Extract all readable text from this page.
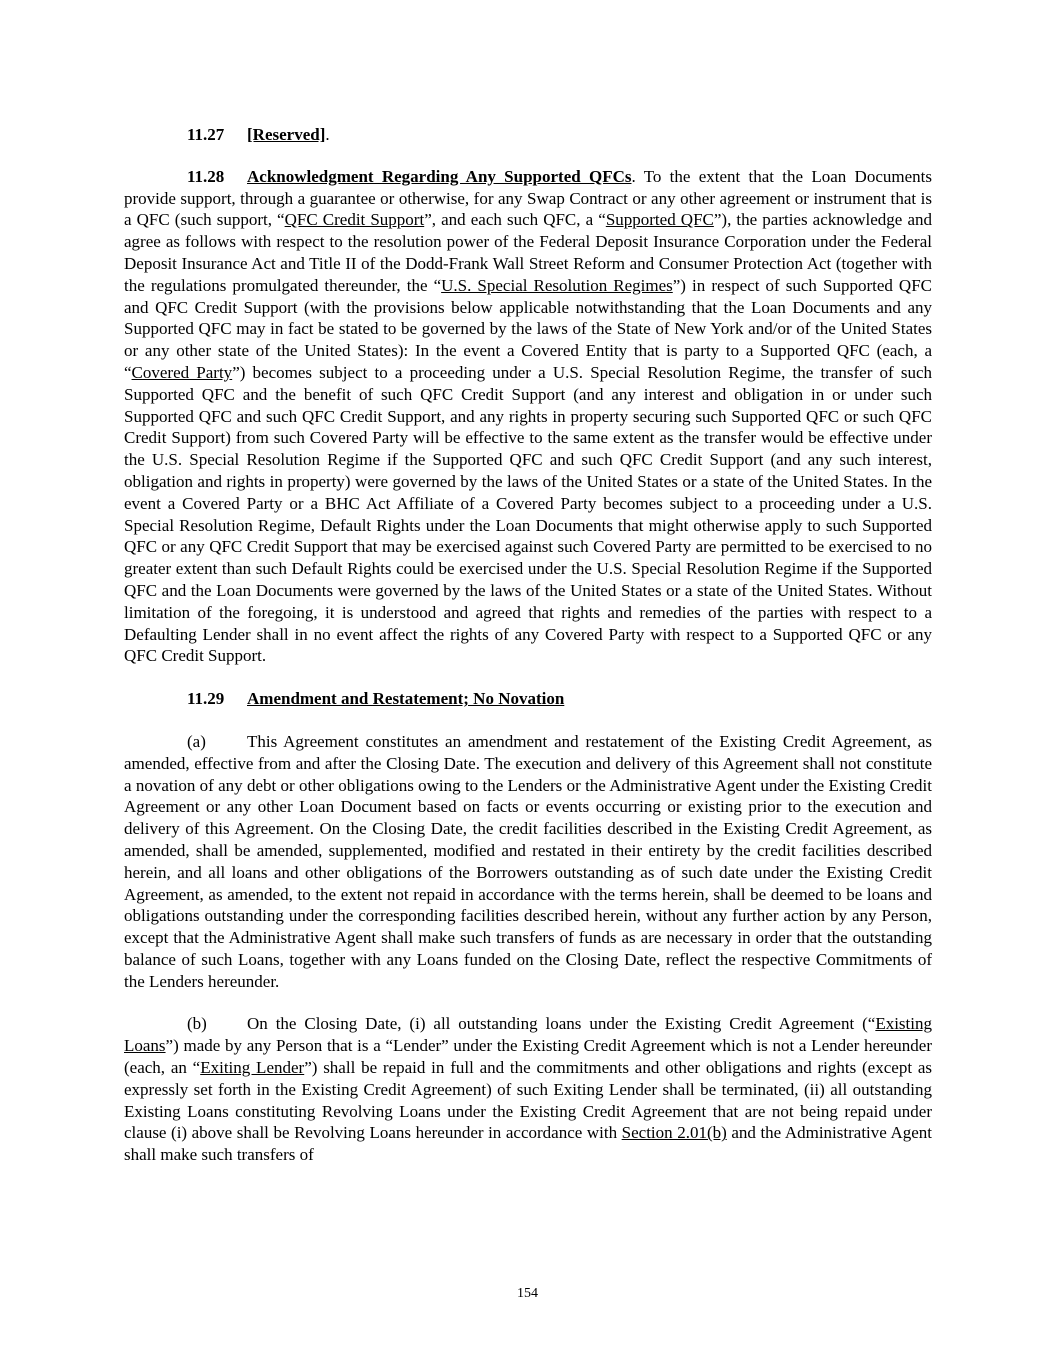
11.27 [Reserved].

11.28 Acknowledgment Regarding Any Supported QFCs. To the extent that the Loan Documents provide support, through a guarantee or otherwise, for any Swap Contract or any other agreement or instrument that is a QFC (such support, “QFC Credit Support”, and each such QFC, a “Supported QFC”), the parties acknowledge and agree as follows with respect to the resolution power of the Federal Deposit Insurance Corporation under the Federal Deposit Insurance Act and Title II of the Dodd-Frank Wall Street Reform and Consumer Protection Act (together with the regulations promulgated thereunder, the “U.S. Special Resolution Regimes”) in respect of such Supported QFC and QFC Credit Support (with the provisions below applicable notwithstanding that the Loan Documents and any Supported QFC may in fact be stated to be governed by the laws of the State of New York and/or of the United States or any other state of the United States): In the event a Covered Entity that is party to a Supported QFC (each, a “Covered Party”) becomes subject to a proceeding under a U.S. Special Resolution Regime, the transfer of such Supported QFC and the benefit of such QFC Credit Support (and any interest and obligation in or under such Supported QFC and such QFC Credit Support, and any rights in property securing such Supported QFC or such QFC Credit Support) from such Covered Party will be effective to the same extent as the transfer would be effective under the U.S. Special Resolution Regime if the Supported QFC and such QFC Credit Support (and any such interest, obligation and rights in property) were governed by the laws of the United States or a state of the United States. In the event a Covered Party or a BHC Act Affiliate of a Covered Party becomes subject to a proceeding under a U.S. Special Resolution Regime, Default Rights under the Loan Documents that might otherwise apply to such Supported QFC or any QFC Credit Support that may be exercised against such Covered Party are permitted to be exercised to no greater extent than such Default Rights could be exercised under the U.S. Special Resolution Regime if the Supported QFC and the Loan Documents were governed by the laws of the United States or a state of the United States. Without limitation of the foregoing, it is understood and agreed that rights and remedies of the parties with respect to a Defaulting Lender shall in no event affect the rights of any Covered Party with respect to a Supported QFC or any QFC Credit Support.

11.29 Amendment and Restatement; No Novation

(a) This Agreement constitutes an amendment and restatement of the Existing Credit Agreement, as amended, effective from and after the Closing Date. The execution and delivery of this Agreement shall not constitute a novation of any debt or other obligations owing to the Lenders or the Administrative Agent under the Existing Credit Agreement or any other Loan Document based on facts or events occurring or existing prior to the execution and delivery of this Agreement. On the Closing Date, the credit facilities described in the Existing Credit Agreement, as amended, shall be amended, supplemented, modified and restated in their entirety by the credit facilities described herein, and all loans and other obligations of the Borrowers outstanding as of such date under the Existing Credit Agreement, as amended, to the extent not repaid in accordance with the terms herein, shall be deemed to be loans and obligations outstanding under the corresponding facilities described herein, without any further action by any Person, except that the Administrative Agent shall make such transfers of funds as are necessary in order that the outstanding balance of such Loans, together with any Loans funded on the Closing Date, reflect the respective Commitments of the Lenders hereunder.

(b) On the Closing Date, (i) all outstanding loans under the Existing Credit Agreement (“Existing Loans”) made by any Person that is a “Lender” under the Existing Credit Agreement which is not a Lender hereunder (each, an “Exiting Lender”) shall be repaid in full and the commitments and other obligations and rights (except as expressly set forth in the Existing Credit Agreement) of such Exiting Lender shall be terminated, (ii) all outstanding Existing Loans constituting Revolving Loans under the Existing Credit Agreement that are not being repaid under clause (i) above shall be Revolving Loans hereunder in accordance with Section 2.01(b) and the Administrative Agent shall make such transfers of

154
